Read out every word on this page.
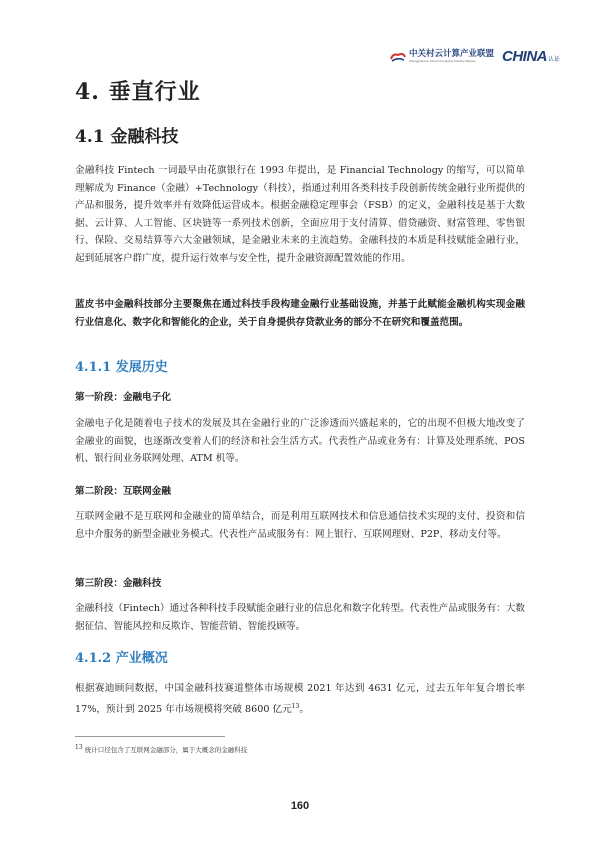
中关村云计算产业联盟
Zhongguancun Cloud Computing Industry Alliance	CHINA 认证
4. 垂直行业
4.1 金融科技
金融科技 Fintech 一词最早由花旗银行在 1993 年提出，是 Financial Technology 的缩写，可以简单理解成为 Finance（金融）+Technology（科技），指通过利用各类科技手段创新传统金融行业所提供的产品和服务，提升效率并有效降低运营成本。根据金融稳定理事会（FSB）的定义，金融科技是基于大数据、云计算、人工智能、区块链等一系列技术创新，全面应用于支付清算、借贷融资、财富管理、零售银行、保险、交易结算等六大金融领域，是金融业未来的主流趋势。金融科技的本质是科技赋能金融行业，起到延展客户群广度，提升运行效率与安全性，提升金融资源配置效能的作用。
蓝皮书中金融科技部分主要聚焦在通过科技手段构建金融行业基础设施，并基于此赋能金融机构实现金融行业信息化、数字化和智能化的企业，关于自身提供存贷款业务的部分不在研究和覆盖范围。
4.1.1 发展历史
第一阶段：金融电子化
金融电子化是随着电子技术的发展及其在金融行业的广泛渗透而兴盛起来的，它的出现不但极大地改变了金融业的面貌，也逐渐改变着人们的经济和社会生活方式。代表性产品或业务有：计算及处理系统、POS 机、银行间业务联网处理、ATM 机等。
第二阶段：互联网金融
互联网金融不是互联网和金融业的简单结合，而是利用互联网技术和信息通信技术实现的支付、投资和信息中介服务的新型金融业务模式。代表性产品或服务有：网上银行、互联网理财、P2P、移动支付等。
第三阶段：金融科技
金融科技（Fintech）通过各种科技手段赋能金融行业的信息化和数字化转型。代表性产品或服务有：大数据征信、智能风控和反欺诈、智能营销、智能投顾等。
4.1.2 产业概况
根据赛迪顾问数据，中国金融科技赛道整体市场规模 2021 年达到 4631 亿元，过去五年年复合增长率 17%，预计到 2025 年市场规模将突破 8600 亿元$^{13}$。
$^{13}$ 统计口径包含了互联网金融部分，属于大概念的金融科技
160
